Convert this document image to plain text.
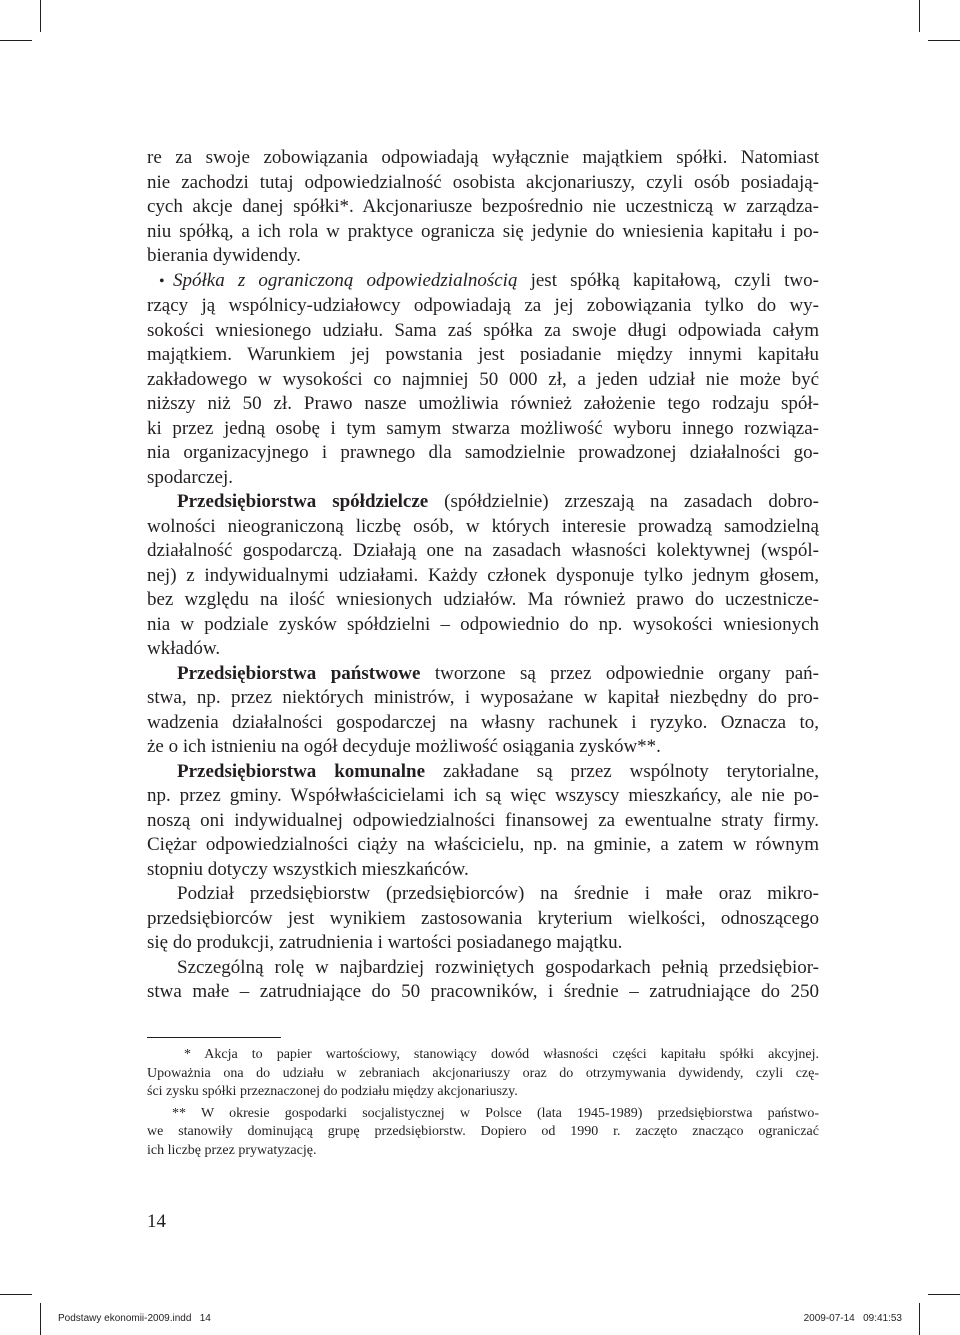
re za swoje zobowiązania odpowiadają wyłącznie majątkiem spółki. Natomiast

nie zachodzi tutaj odpowiedzialność osobista akcjonariuszy, czyli osób posiadają-

cych akcje danej spółki*. Akcjonariusze bezpośrednio nie uczestniczą w zarządza-

niu spółką, a ich rola w praktyce ogranicza się jedynie do wniesienia kapitału i po-

bierania dywidendy.

•Spółka z ograniczoną odpowiedzialnością jest spółką kapitałową, czyli two-

rzący ją wspólnicy-udziałowcy odpowiadają za jej zobowiązania tylko do wy-

sokości wniesionego udziału. Sama zaś spółka za swoje długi odpowiada całym

majątkiem. Warunkiem jej powstania jest posiadanie między innymi kapitału

zakładowego w wysokości co najmniej 50 000 zł, a jeden udział nie może być

niższy niż 50 zł. Prawo nasze umożliwia również założenie tego rodzaju spół-

ki przez jedną osobę i tym samym stwarza możliwość wyboru innego rozwiąza-

nia organizacyjnego i prawnego dla samodzielnie prowadzonej działalności go-

spodarczej.

Przedsiębiorstwa spółdzielcze (spółdzielnie) zrzeszają na zasadach dobro-

wolności nieograniczoną liczbę osób, w których interesie prowadzą samodzielną

działalność gospodarczą. Działają one na zasadach własności kolektywnej (wspól-

nej) z indywidualnymi udziałami. Każdy członek dysponuje tylko jednym głosem,

bez względu na ilość wniesionych udziałów. Ma również prawo do uczestnicze-

nia w podziale zysków spółdzielni – odpowiednio do np. wysokości wniesionych

wkładów.

Przedsiębiorstwa państwowe tworzone są przez odpowiednie organy pań-

stwa, np. przez niektórych ministrów, i wyposażane w kapitał niezbędny do pro-

wadzenia działalności gospodarczej na własny rachunek i ryzyko. Oznacza to,

że o ich istnieniu na ogół decyduje możliwość osiągania zysków**.

Przedsiębiorstwa komunalne zakładane są przez wspólnoty terytorialne,

np. przez gminy. Współwłaścicielami ich są więc wszyscy mieszkańcy, ale nie po-

noszą oni indywidualnej odpowiedzialności finansowej za ewentualne straty firmy.

Ciężar odpowiedzialności ciąży na właścicielu, np. na gminie, a zatem w równym

stopniu dotyczy wszystkich mieszkańców.

Podział przedsiębiorstw (przedsiębiorców) na średnie i małe oraz mikro-

przedsiębiorców jest wynikiem zastosowania kryterium wielkości, odnoszącego

się do produkcji, zatrudnienia i wartości posiadanego majątku.

Szczególną rolę w najbardziej rozwiniętych gospodarkach pełnią przedsiębior-

stwa małe – zatrudniające do 50 pracowników, i średnie – zatrudniające do 250

* Akcja to papier wartościowy, stanowiący dowód własności części kapitału spółki akcyjnej.

Upoważnia ona do udziału w zebraniach akcjonariuszy oraz do otrzymywania dywidendy, czyli czę-

ści zysku spółki przeznaczonej do podziału między akcjonariuszy.

** W okresie gospodarki socjalistycznej w Polsce (lata 1945-1989) przedsiębiorstwa państwo-

we stanowiły dominującą grupę przedsiębiorstw. Dopiero od 1990 r. zaczęto znacząco ograniczać

ich liczbę przez prywatyzację.

14
Podstawy ekonomii-2009.indd   14	2009-07-14   09:41:53
